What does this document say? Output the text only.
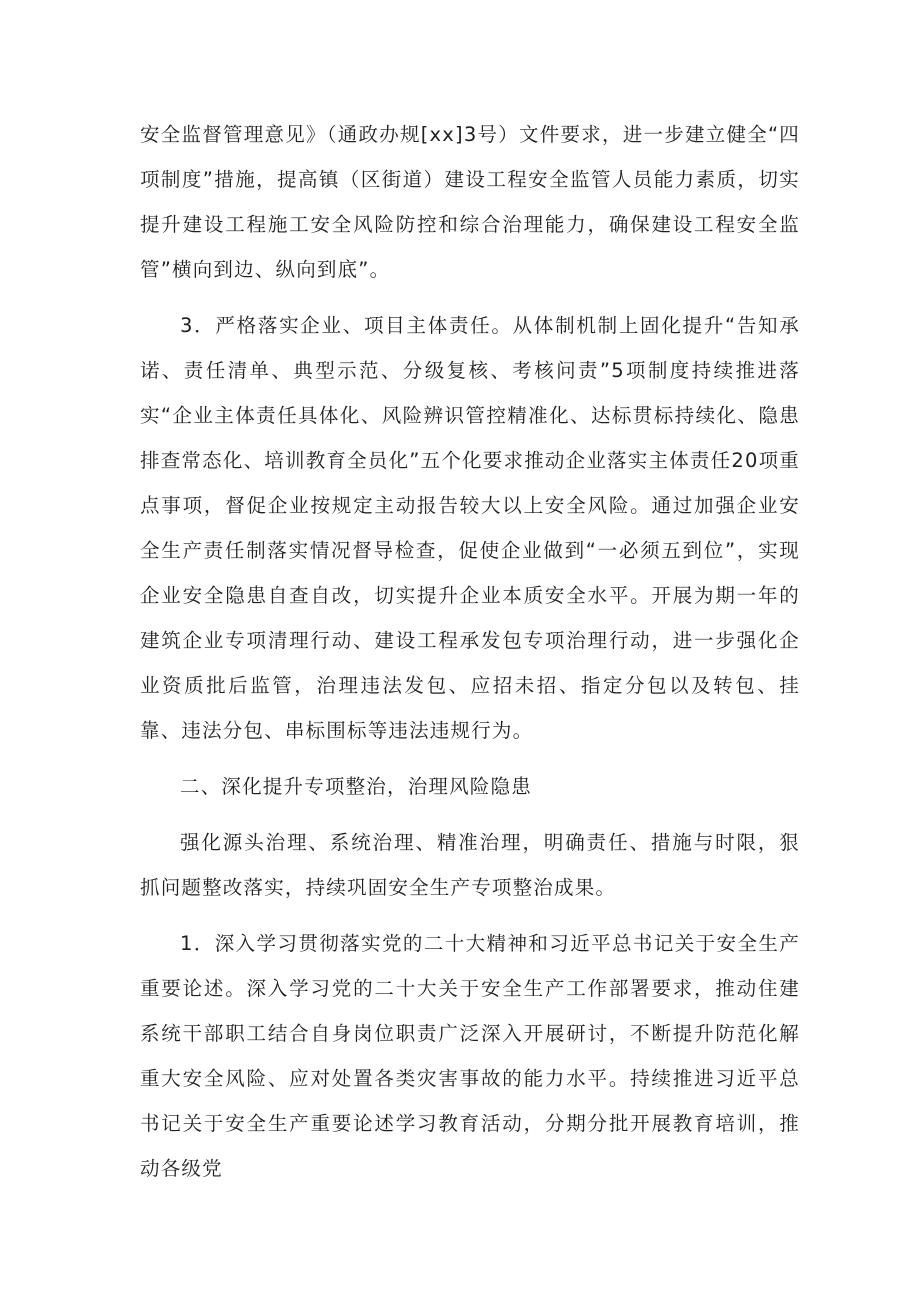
安全监督管理意见》（通政办规[xx]3号）文件要求，进一步建立健全“四项制度”措施，提高镇（区街道）建设工程安全监管人员能力素质，切实提升建设工程施工安全风险防控和综合治理能力，确保建设工程安全监管”横向到边、纵向到底”。

3．严格落实企业、项目主体责任。从体制机制上固化提升“告知承诺、责任清单、典型示范、分级复核、考核问责”5项制度持续推进落实“企业主体责任具体化、风险辨识管控精准化、达标贯标持续化、隐患排查常态化、培训教育全员化”五个化要求推动企业落实主体责任20项重点事项，督促企业按规定主动报告较大以上安全风险。通过加强企业安全生产责任制落实情况督导检查，促使企业做到“一必须五到位”，实现企业安全隐患自查自改，切实提升企业本质安全水平。开展为期一年的建筑企业专项清理行动、建设工程承发包专项治理行动，进一步强化企业资质批后监管，治理违法发包、应招未招、指定分包以及转包、挂靠、违法分包、串标围标等违法违规行为。

二、深化提升专项整治，治理风险隐患

强化源头治理、系统治理、精准治理，明确责任、措施与时限，狠抓问题整改落实，持续巩固安全生产专项整治成果。

1．深入学习贯彻落实党的二十大精神和习近平总书记关于安全生产重要论述。深入学习党的二十大关于安全生产工作部署要求，推动住建系统干部职工结合自身岗位职责广泛深入开展研讨，不断提升防范化解重大安全风险、应对处置各类灾害事故的能力水平。持续推进习近平总书记关于安全生产重要论述学习教育活动，分期分批开展教育培训，推动各级党
